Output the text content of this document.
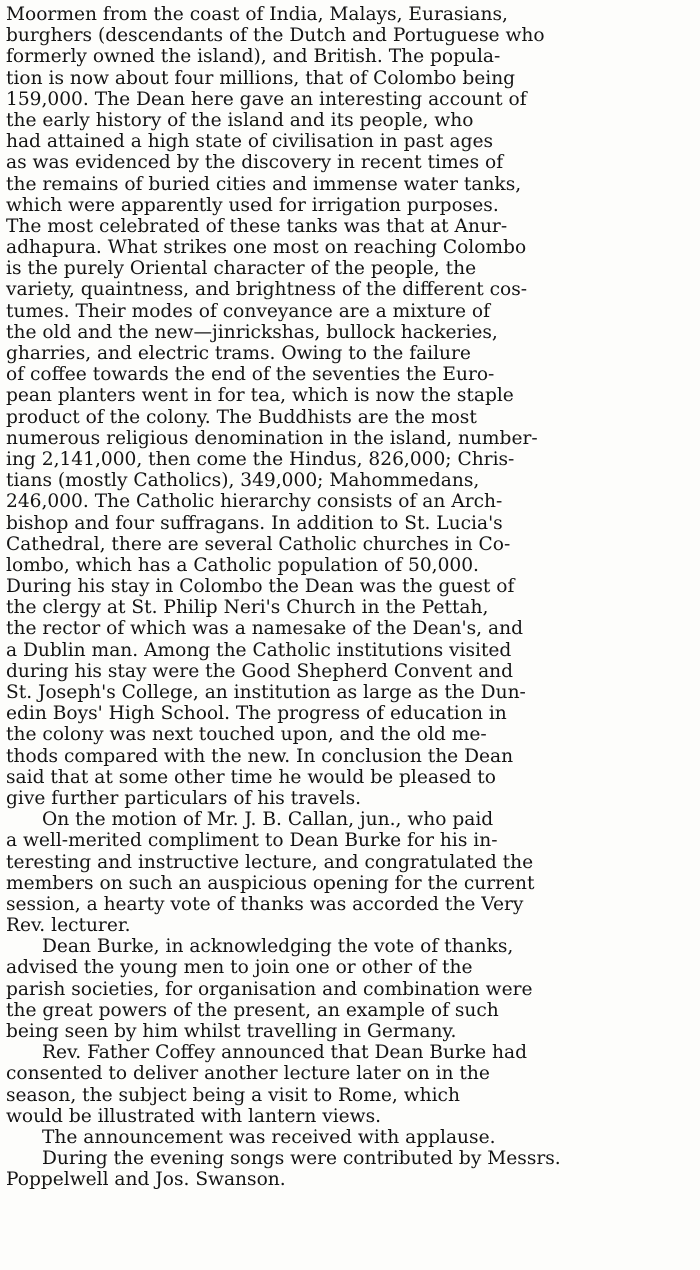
Moormen from the coast of India, Malays, Eurasians,
burghers (descendants of the Dutch and Portuguese who
formerly owned the island), and British. The popula-
tion is now about four millions, that of Colombo being
159,000. The Dean here gave an interesting account of
the early history of the island and its people, who
had attained a high state of civilisation in past ages
as was evidenced by the discovery in recent times of
the remains of buried cities and immense water tanks,
which were apparently used for irrigation purposes.
The most celebrated of these tanks was that at Anur-
adhapura. What strikes one most on reaching Colombo
is the purely Oriental character of the people, the
variety, quaintness, and brightness of the different cos-
tumes. Their modes of conveyance are a mixture of
the old and the new—jinrickshas, bullock hackeries,
gharries, and electric trams. Owing to the failure
of coffee towards the end of the seventies the Euro-
pean planters went in for tea, which is now the staple
product of the colony. The Buddhists are the most
numerous religious denomination in the island, number-
ing 2,141,000, then come the Hindus, 826,000; Chris-
tians (mostly Catholics), 349,000; Mahommedans,
246,000. The Catholic hierarchy consists of an Arch-
bishop and four suffragans. In addition to St. Lucia's
Cathedral, there are several Catholic churches in Co-
lombo, which has a Catholic population of 50,000.
During his stay in Colombo the Dean was the guest of
the clergy at St. Philip Neri's Church in the Pettah,
the rector of which was a namesake of the Dean's, and
a Dublin man. Among the Catholic institutions visited
during his stay were the Good Shepherd Convent and
St. Joseph's College, an institution as large as the Dun-
edin Boys' High School. The progress of education in
the colony was next touched upon, and the old me-
thods compared with the new. In conclusion the Dean
said that at some other time he would be pleased to
give further particulars of his travels.
On the motion of Mr. J. B. Callan, jun., who paid
a well-merited compliment to Dean Burke for his in-
teresting and instructive lecture, and congratulated the
members on such an auspicious opening for the current
session, a hearty vote of thanks was accorded the Very
Rev. lecturer.
Dean Burke, in acknowledging the vote of thanks,
advised the young men to join one or other of the
parish societies, for organisation and combination were
the great powers of the present, an example of such
being seen by him whilst travelling in Germany.
Rev. Father Coffey announced that Dean Burke had
consented to deliver another lecture later on in the
season, the subject being a visit to Rome, which
would be illustrated with lantern views.
The announcement was received with applause.
During the evening songs were contributed by Messrs.
Poppelwell and Jos. Swanson.
